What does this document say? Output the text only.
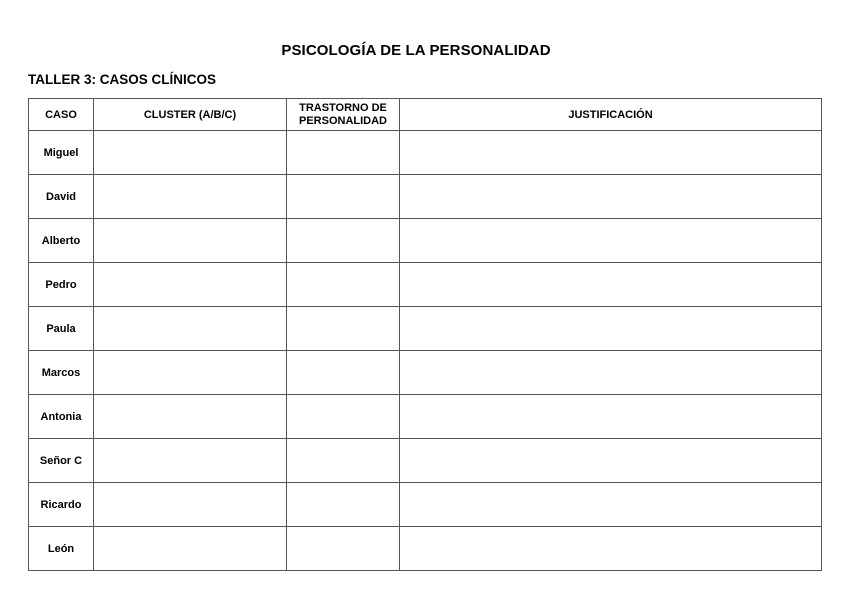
PSICOLOGÍA DE LA PERSONALIDAD
TALLER 3: CASOS CLÍNICOS
CASO	CLUSTER (A/B/C)	TRASTORNO DE PERSONALIDAD	JUSTIFICACIÓN
Miguel			
David			
Alberto			
Pedro			
Paula			
Marcos			
Antonia			
Señor C			
Ricardo			
León			
